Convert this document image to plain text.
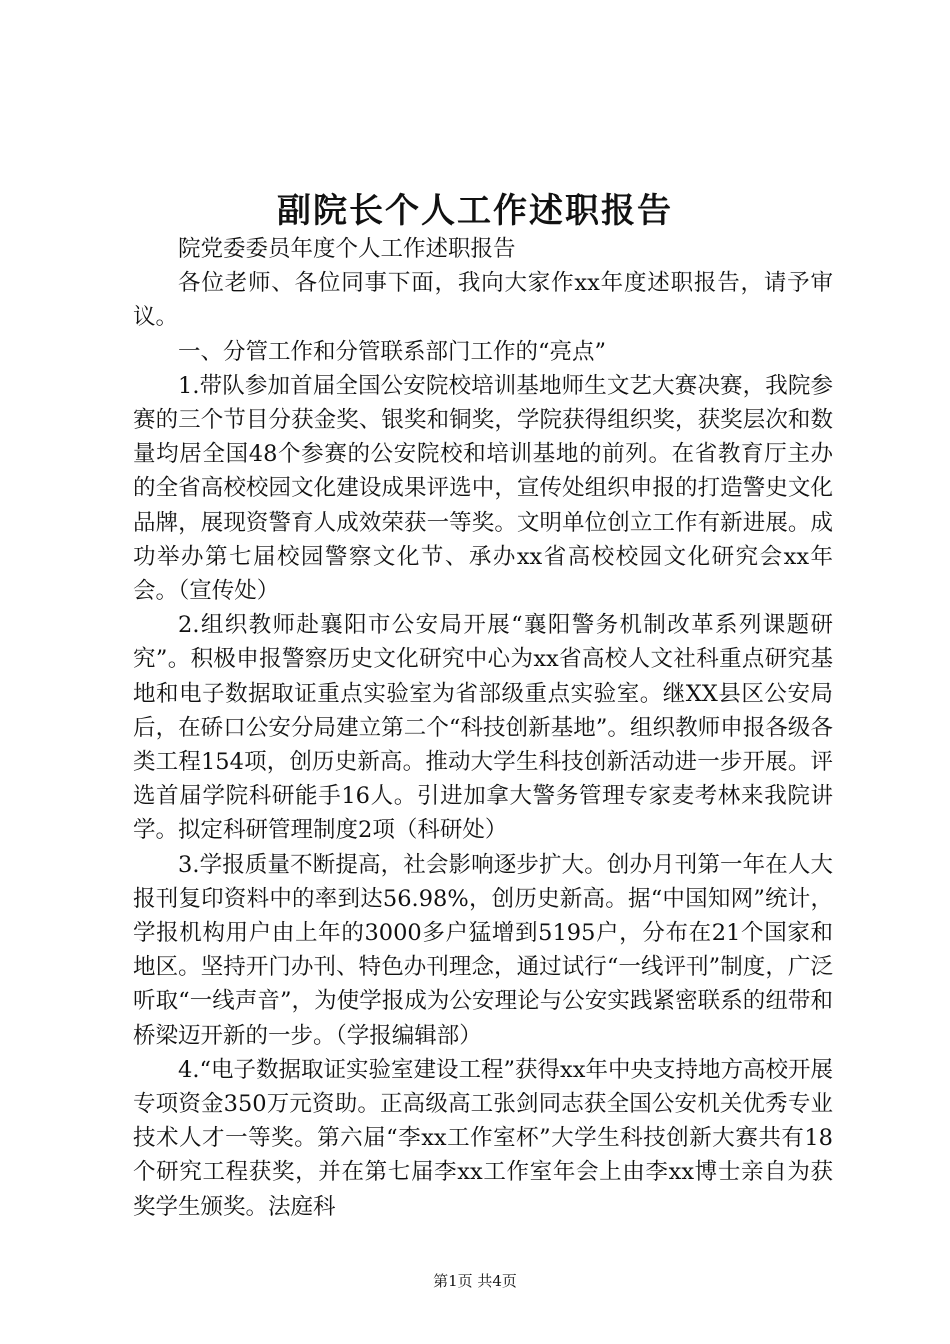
副院长个人工作述职报告

院党委委员年度个人工作述职报告

各位老师、各位同事下面，我向大家作xx年度述职报告，请予审议。

一、分管工作和分管联系部门工作的“亮点”

1.带队参加首届全国公安院校培训基地师生文艺大赛决赛，我院参赛的三个节目分获金奖、银奖和铜奖，学院获得组织奖，获奖层次和数量均居全国48个参赛的公安院校和培训基地的前列。在省教育厅主办的全省高校校园文化建设成果评选中，宣传处组织申报的打造警史文化品牌，展现资警育人成效荣获一等奖。文明单位创立工作有新进展。成功举办第七届校园警察文化节、承办xx省高校校园文化研究会xx年会。（宣传处）

2.组织教师赴襄阳市公安局开展“襄阳警务机制改革系列课题研究”。积极申报警察历史文化研究中心为xx省高校人文社科重点研究基地和电子数据取证重点实验室为省部级重点实验室。继XX县区公安局后，在硚口公安分局建立第二个“科技创新基地”。组织教师申报各级各类工程154项，创历史新高。推动大学生科技创新活动进一步开展。评选首届学院科研能手16人。引进加拿大警务管理专家麦考林来我院讲学。拟定科研管理制度2项（科研处）

3.学报质量不断提高，社会影响逐步扩大。创办月刊第一年在人大报刊复印资料中的率到达56.98%，创历史新高。据“中国知网”统计，学报机构用户由上年的3000多户猛增到5195户，分布在21个国家和地区。坚持开门办刊、特色办刊理念，通过试行“一线评刊”制度，广泛听取“一线声音”，为使学报成为公安理论与公安实践紧密联系的纽带和桥梁迈开新的一步。（学报编辑部）

4.“电子数据取证实验室建设工程”获得xx年中央支持地方高校开展专项资金350万元资助。正高级高工张剑同志获全国公安机关优秀专业技术人才一等奖。第六届“李xx工作室杯”大学生科技创新大赛共有18个研究工程获奖，并在第七届李xx工作室年会上由李xx博士亲自为获奖学生颁奖。法庭科

第1页 共4页
